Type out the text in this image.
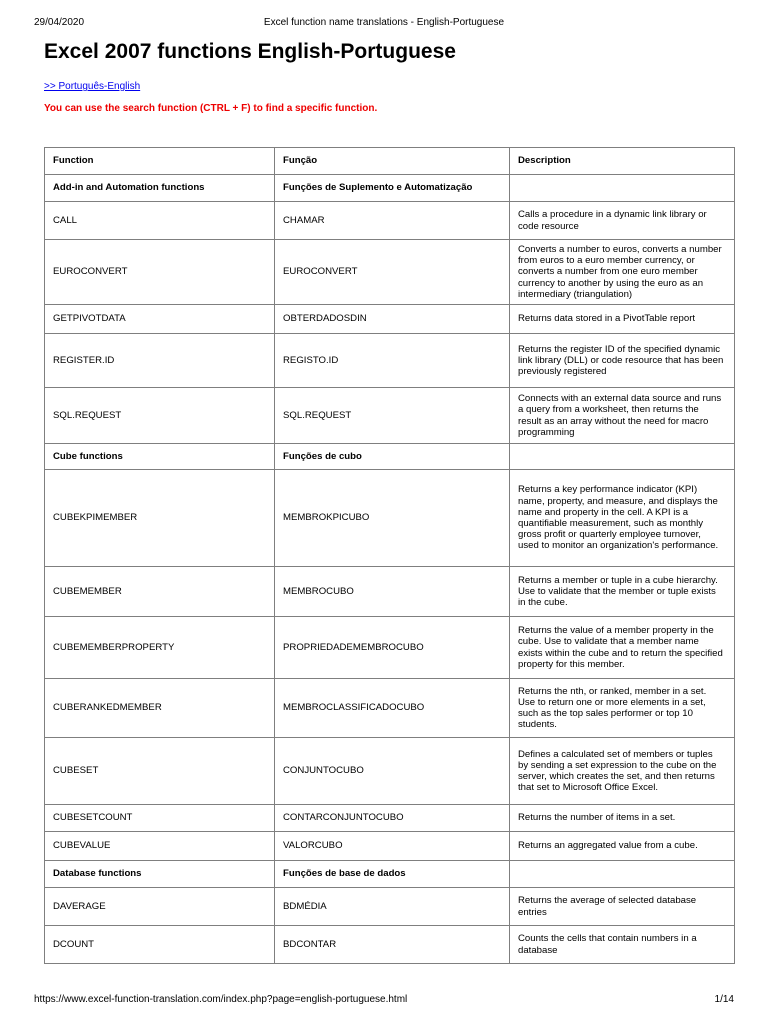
29/04/2020	Excel function name translations - English-Portuguese
Excel 2007 functions English-Portuguese
>> Português-English
You can use the search function (CTRL + F) to find a specific function.
Function	Função	Description
Add-in and Automation functions	Funções de Suplemento e Automatização	
CALL	CHAMAR	Calls a procedure in a dynamic link library or code resource
EUROCONVERT	EUROCONVERT	Converts a number to euros, converts a number from euros to a euro member currency, or converts a number from one euro member currency to another by using the euro as an intermediary (triangulation)
GETPIVOTDATA	OBTERDADOSDIN	Returns data stored in a PivotTable report
REGISTER.ID	REGISTO.ID	Returns the register ID of the specified dynamic link library (DLL) or code resource that has been previously registered
SQL.REQUEST	SQL.REQUEST	Connects with an external data source and runs a query from a worksheet, then returns the result as an array without the need for macro programming
Cube functions	Funções de cubo	
CUBEKPIMEMBER	MEMBROKPICUBO	Returns a key performance indicator (KPI) name, property, and measure, and displays the name and property in the cell. A KPI is a quantifiable measurement, such as monthly gross profit or quarterly employee turnover, used to monitor an organization's performance.
CUBEMEMBER	MEMBROCUBO	Returns a member or tuple in a cube hierarchy. Use to validate that the member or tuple exists in the cube.
CUBEMEMBERPROPERTY	PROPRIEDADEMEMBROCUBO	Returns the value of a member property in the cube. Use to validate that a member name exists within the cube and to return the specified property for this member.
CUBERANKEDMEMBER	MEMBROCLASSIFICADOCUBO	Returns the nth, or ranked, member in a set. Use to return one or more elements in a set, such as the top sales performer or top 10 students.
CUBESET	CONJUNTOCUBO	Defines a calculated set of members or tuples by sending a set expression to the cube on the server, which creates the set, and then returns that set to Microsoft Office Excel.
CUBESETCOUNT	CONTARCONJUNTOCUBO	Returns the number of items in a set.
CUBEVALUE	VALORCUBO	Returns an aggregated value from a cube.
Database functions	Funções de base de dados	
DAVERAGE	BDMÉDIA	Returns the average of selected database entries
DCOUNT	BDCONTAR	Counts the cells that contain numbers in a database
https://www.excel-function-translation.com/index.php?page=english-portuguese.html	1/14
